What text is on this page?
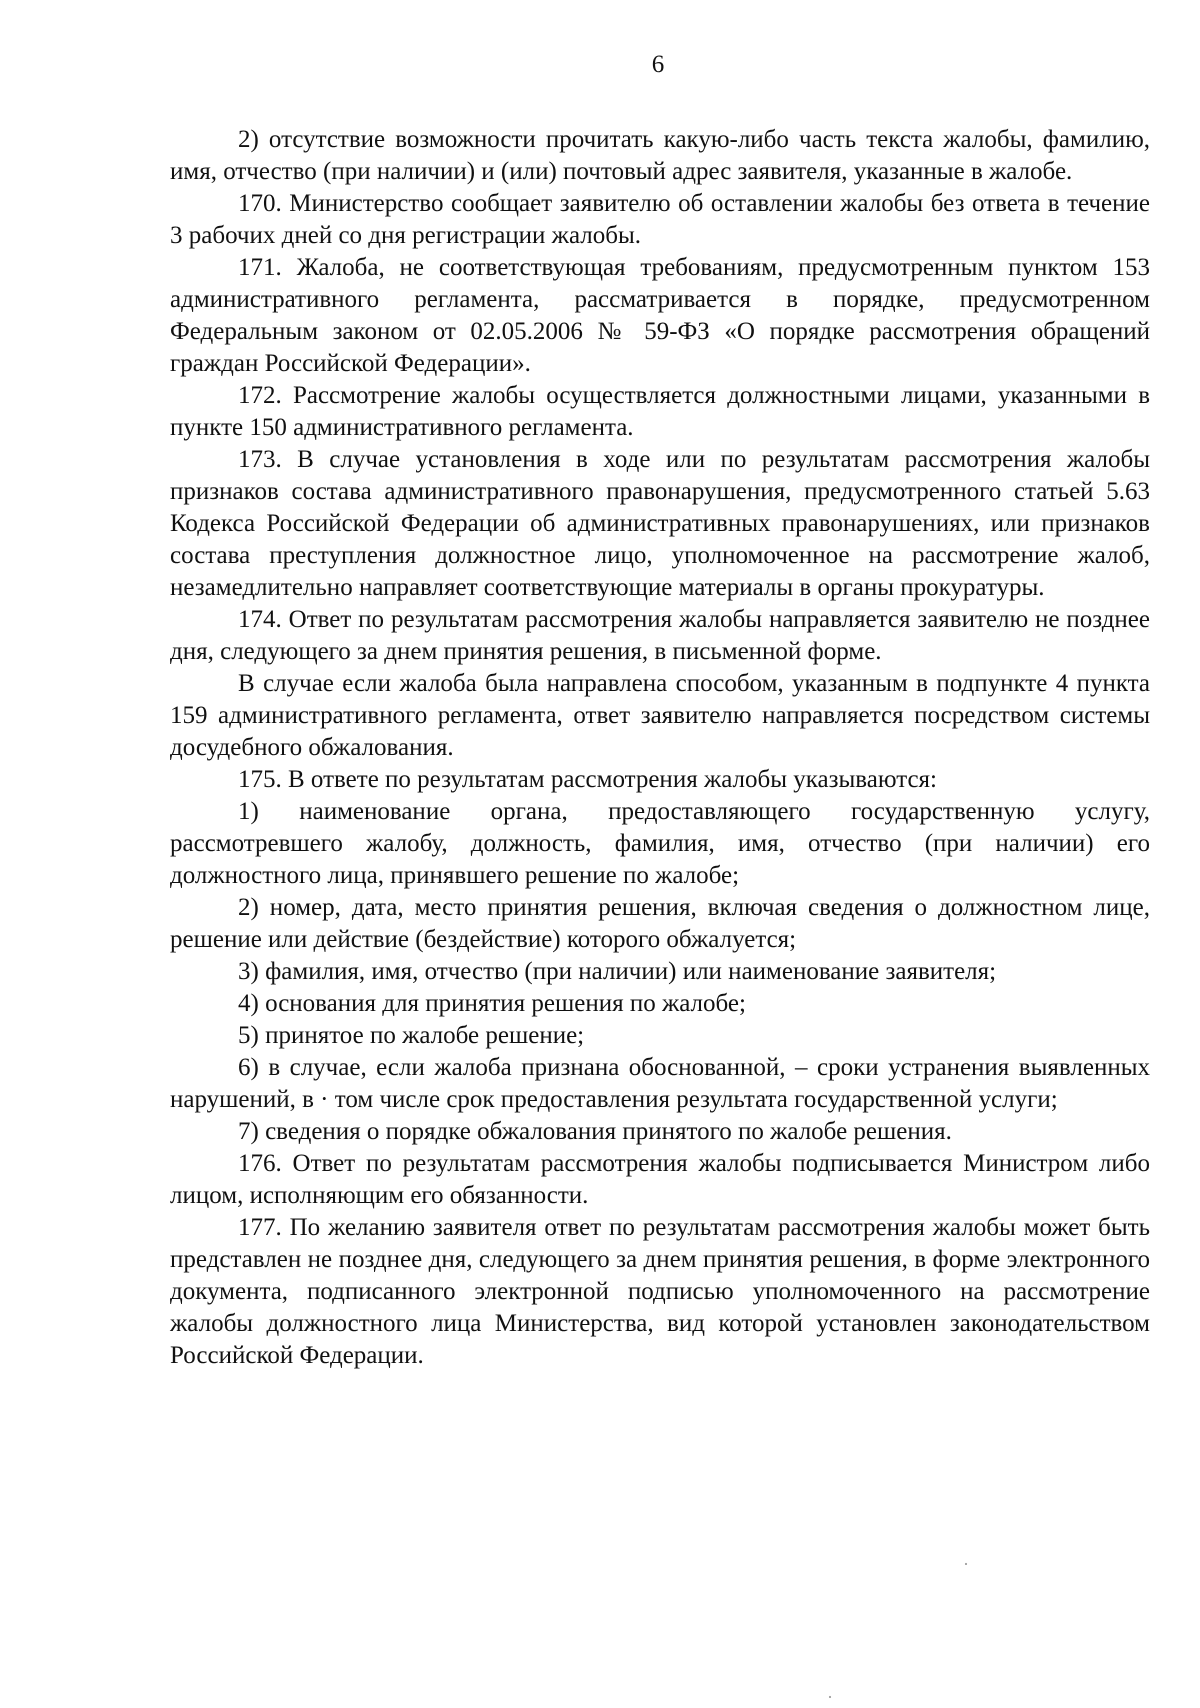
6

2) отсутствие возможности прочитать какую-либо часть текста жалобы, фамилию, имя, отчество (при наличии) и (или) почтовый адрес заявителя, указанные в жалобе.

170. Министерство сообщает заявителю об оставлении жалобы без ответа в течение 3 рабочих дней со дня регистрации жалобы.

171. Жалоба, не соответствующая требованиям, предусмотренным пунктом 153 административного регламента, рассматривается в порядке, предусмотренном Федеральным законом от 02.05.2006 № 59-ФЗ «О порядке рассмотрения обращений граждан Российской Федерации».

172. Рассмотрение жалобы осуществляется должностными лицами, указанными в пункте 150 административного регламента.

173. В случае установления в ходе или по результатам рассмотрения жалобы признаков состава административного правонарушения, предусмотренного статьей 5.63 Кодекса Российской Федерации об административных правонарушениях, или признаков состава преступления должностное лицо, уполномоченное на рассмотрение жалоб, незамедлительно направляет соответствующие материалы в органы прокуратуры.

174. Ответ по результатам рассмотрения жалобы направляется заявителю не позднее дня, следующего за днем принятия решения, в письменной форме.

В случае если жалоба была направлена способом, указанным в подпункте 4 пункта 159 административного регламента, ответ заявителю направляется посредством системы досудебного обжалования.

175. В ответе по результатам рассмотрения жалобы указываются:

1) наименование органа, предоставляющего государственную услугу, рассмотревшего жалобу, должность, фамилия, имя, отчество (при наличии) его должностного лица, принявшего решение по жалобе;

2) номер, дата, место принятия решения, включая сведения о должностном лице, решение или действие (бездействие) которого обжалуется;

3) фамилия, имя, отчество (при наличии) или наименование заявителя;

4) основания для принятия решения по жалобе;

5) принятое по жалобе решение;

6) в случае, если жалоба признана обоснованной, – сроки устранения выявленных нарушений, в · том числе срок предоставления результата государственной услуги;

7) сведения о порядке обжалования принятого по жалобе решения.

176. Ответ по результатам рассмотрения жалобы подписывается Министром либо лицом, исполняющим его обязанности.

177. По желанию заявителя ответ по результатам рассмотрения жалобы может быть представлен не позднее дня, следующего за днем принятия решения, в форме электронного документа, подписанного электронной подписью уполномоченного на рассмотрение жалобы должностного лица Министерства, вид которой установлен законодательством Российской Федерации.

·
·
